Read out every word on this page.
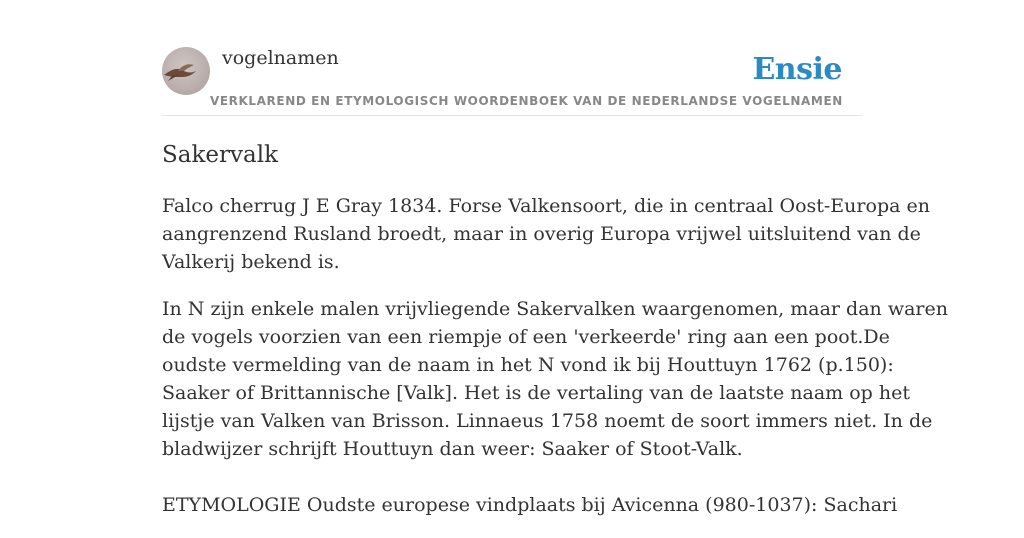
vogelnamen	Ensie
VERKLAREND EN ETYMOLOGISCH WOORDENBOEK VAN DE NEDERLANDSE VOGELNAMEN
Sakervalk

Falco cherrug J E Gray 1834. Forse Valkensoort, die in centraal Oost-Europa en
aangrenzend Rusland broedt, maar in overig Europa vrijwel uitsluitend van de
Valkerij bekend is.

In N zijn enkele malen vrijvliegende Sakervalken waargenomen, maar dan waren
de vogels voorzien van een riempje of een 'verkeerde' ring aan een poot.De
oudste vermelding van de naam in het N vond ik bij Houttuyn 1762 (p.150):
Saaker of Brittannische [Valk]. Het is de vertaling van de laatste naam op het
lijstje van Valken van Brisson. Linnaeus 1758 noemt de soort immers niet. In de
bladwijzer schrijft Houttuyn dan weer: Saaker of Stoot-Valk.

ETYMOLOGIE Oudste europese vindplaats bij Avicenna (980-1037): Sachari
